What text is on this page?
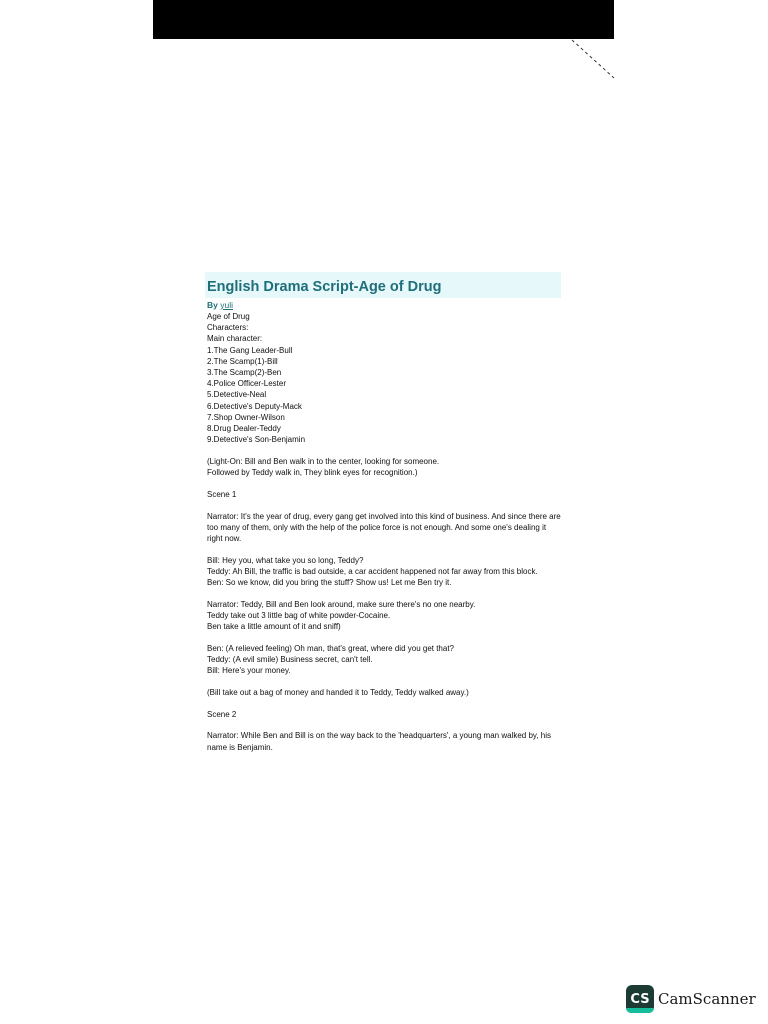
English Drama Script-Age of Drug
By yuli
Age of Drug
Characters:
Main character:
1.The Gang Leader-Bull
2.The Scamp(1)-Bill
3.The Scamp(2)-Ben
4.Police Officer-Lester
5.Detective-Neal
6.Detective's Deputy-Mack
7.Shop Owner-Wilson
8.Drug Dealer-Teddy
9.Detective's Son-Benjamin
(Light-On: Bill and Ben walk in to the center, looking for someone.
Followed by Teddy walk in, They blink eyes for recognition.)
Scene 1
Narrator: It's the year of drug, every gang get involved into this kind of business. And since there are too many of them, only with the help of the police force is not enough. And some one's dealing it right now.
Bill: Hey you, what take you so long, Teddy?
Teddy: Ah Bill, the traffic is bad outside, a car accident happened not far away from this block.
Ben: So we know, did you bring the stuff? Show us! Let me Ben try it.
Narrator: Teddy, Bill and Ben look around, make sure there's no one nearby.
Teddy take out 3 little bag of white powder-Cocaine.
Ben take a little amount of it and sniff)
Ben: (A relieved feeling) Oh man, that's great, where did you get that?
Teddy: (A evil smile) Business secret, can't tell.
Bill: Here's your money.
(Bill take out a bag of money and handed it to Teddy, Teddy walked away.)
Scene 2
Narrator: While Ben and Bill is on the way back to the 'headquarters', a young man walked by, his name is Benjamin.
CS CamScanner
